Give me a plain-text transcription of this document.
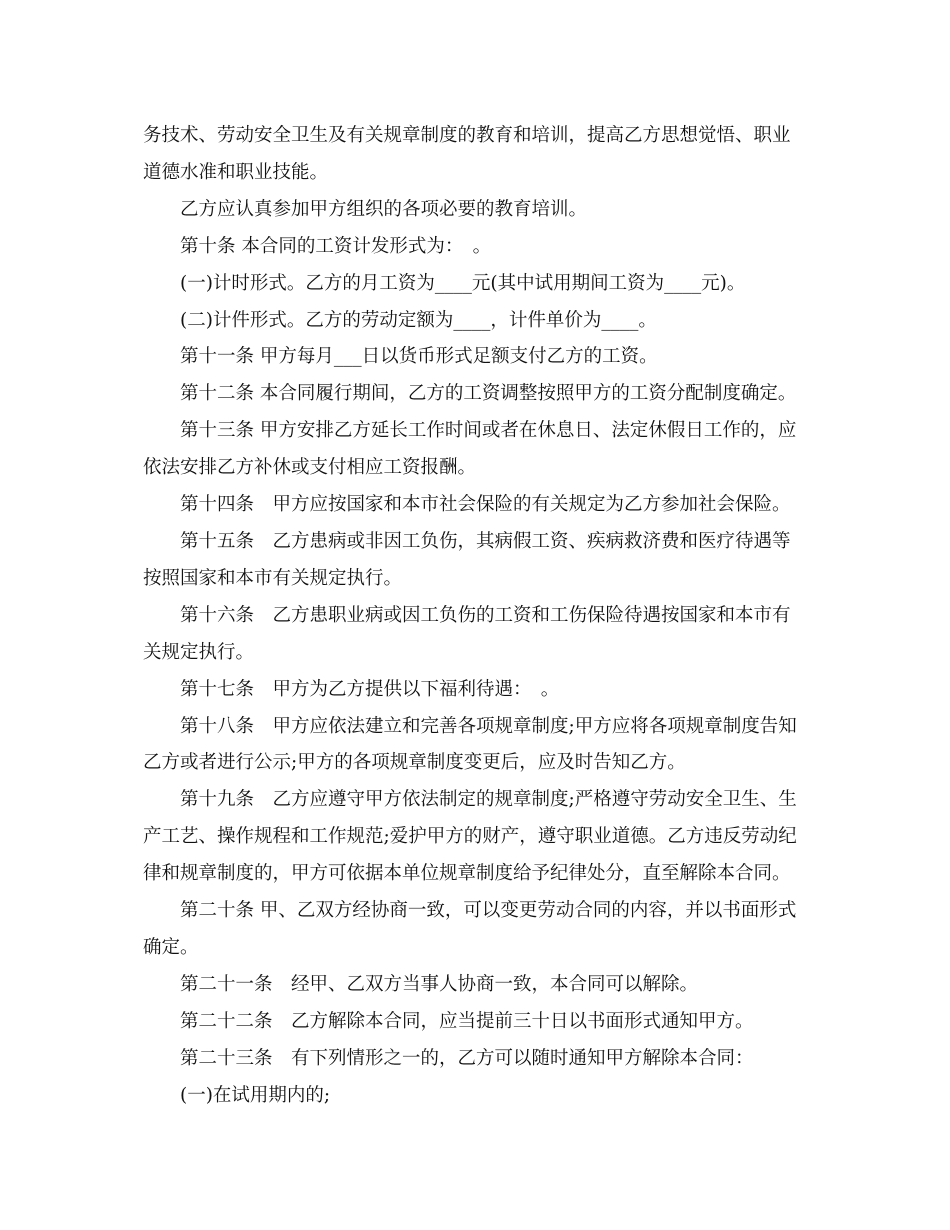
务技术、劳动安全卫生及有关规章制度的教育和培训，提高乙方思想觉悟、职业道德水准和职业技能。

乙方应认真参加甲方组织的各项必要的教育培训。

第十条 本合同的工资计发形式为：　。

(一)计时形式。乙方的月工资为____元(其中试用期间工资为____元)。

(二)计件形式。乙方的劳动定额为____，计件单价为____。

第十一条 甲方每月___日以货币形式足额支付乙方的工资。

第十二条 本合同履行期间，乙方的工资调整按照甲方的工资分配制度确定。

第十三条 甲方安排乙方延长工作时间或者在休息日、法定休假日工作的，应依法安排乙方补休或支付相应工资报酬。

第十四条　甲方应按国家和本市社会保险的有关规定为乙方参加社会保险。

第十五条　乙方患病或非因工负伤，其病假工资、疾病救济费和医疗待遇等按照国家和本市有关规定执行。

第十六条　乙方患职业病或因工负伤的工资和工伤保险待遇按国家和本市有关规定执行。

第十七条　甲方为乙方提供以下福利待遇：　。

第十八条　甲方应依法建立和完善各项规章制度;甲方应将各项规章制度告知乙方或者进行公示;甲方的各项规章制度变更后，应及时告知乙方。

第十九条　乙方应遵守甲方依法制定的规章制度;严格遵守劳动安全卫生、生产工艺、操作规程和工作规范;爱护甲方的财产，遵守职业道德。乙方违反劳动纪律和规章制度的，甲方可依据本单位规章制度给予纪律处分，直至解除本合同。

第二十条 甲、乙双方经协商一致，可以变更劳动合同的内容，并以书面形式确定。

第二十一条　经甲、乙双方当事人协商一致，本合同可以解除。

第二十二条　乙方解除本合同，应当提前三十日以书面形式通知甲方。

第二十三条　有下列情形之一的，乙方可以随时通知甲方解除本合同：

(一)在试用期内的;
